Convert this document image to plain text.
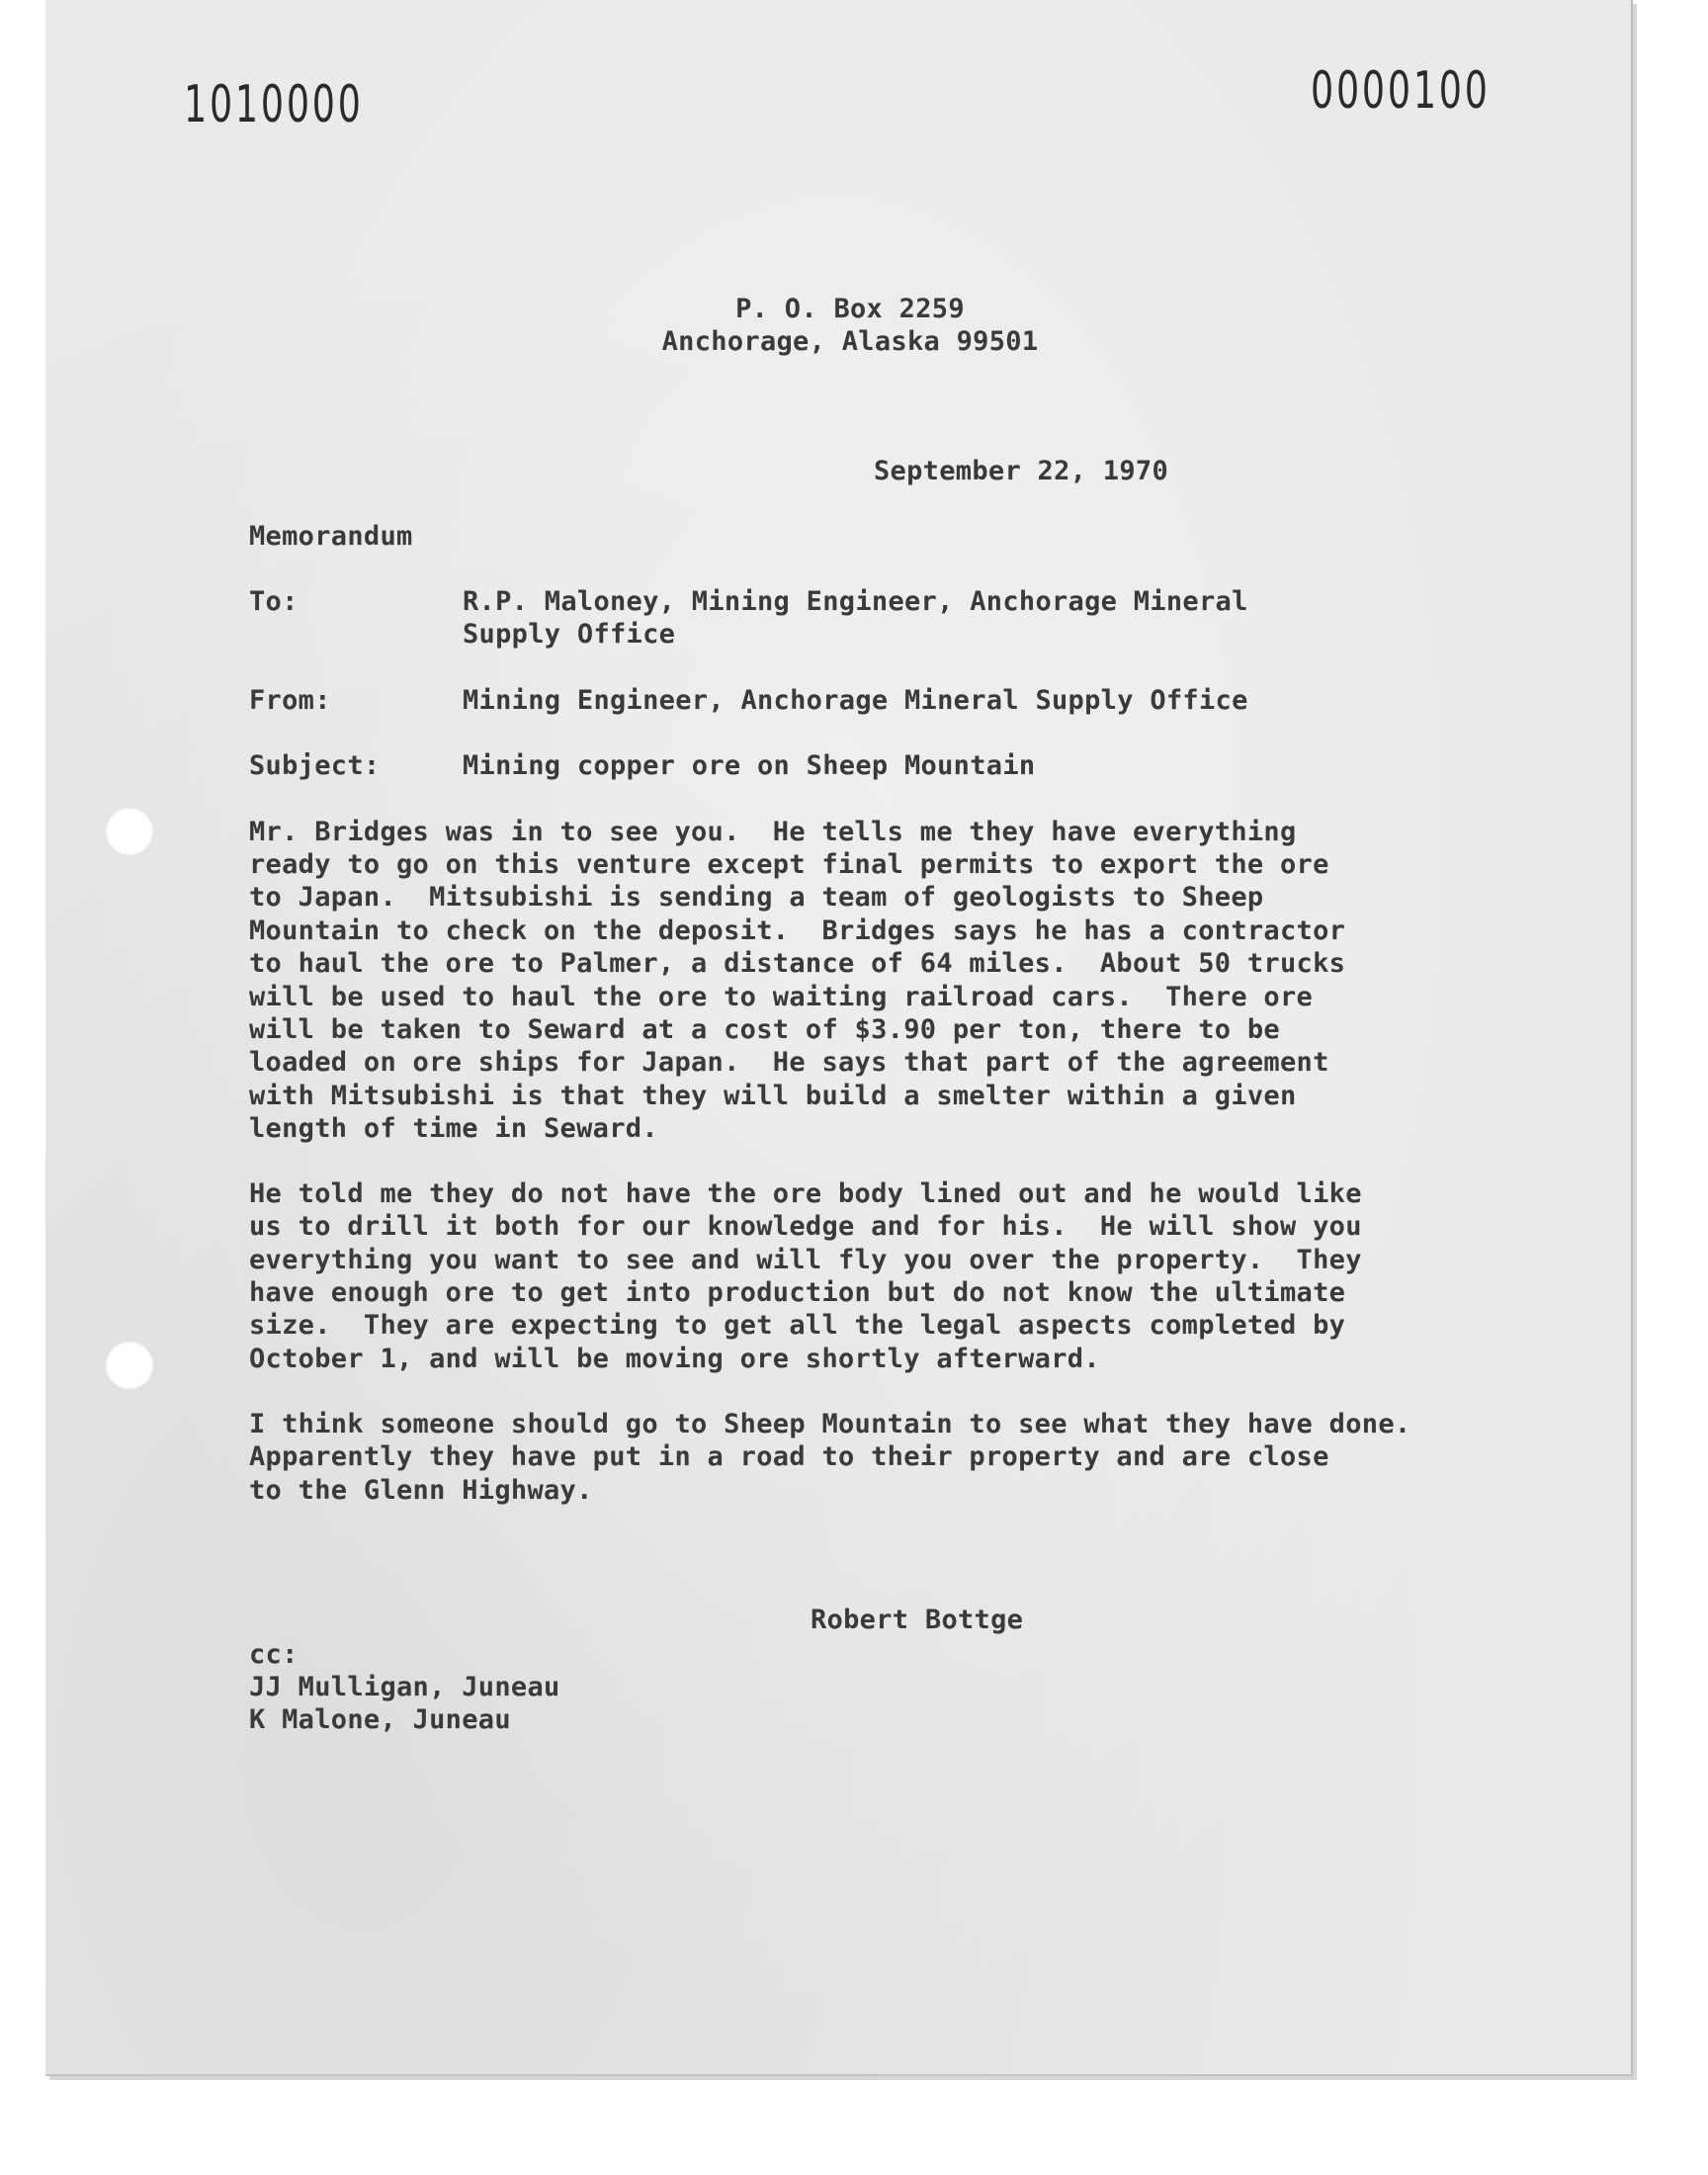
1010000	0000100
P. O. Box 2259
Anchorage, Alaska 99501
September 22, 1970
Memorandum
To:	R.P. Maloney, Mining Engineer, Anchorage Mineral
Supply Office
From:	Mining Engineer, Anchorage Mineral Supply Office
Subject:	Mining copper ore on Sheep Mountain
Mr. Bridges was in to see you.  He tells me they have everything
ready to go on this venture except final permits to export the ore
to Japan.  Mitsubishi is sending a team of geologists to Sheep
Mountain to check on the deposit.  Bridges says he has a contractor
to haul the ore to Palmer, a distance of 64 miles.  About 50 trucks
will be used to haul the ore to waiting railroad cars.  There ore
will be taken to Seward at a cost of $3.90 per ton, there to be
loaded on ore ships for Japan.  He says that part of the agreement
with Mitsubishi is that they will build a smelter within a given
length of time in Seward.
He told me they do not have the ore body lined out and he would like
us to drill it both for our knowledge and for his.  He will show you
everything you want to see and will fly you over the property.  They
have enough ore to get into production but do not know the ultimate
size.  They are expecting to get all the legal aspects completed by
October 1, and will be moving ore shortly afterward.
I think someone should go to Sheep Mountain to see what they have done.
Apparently they have put in a road to their property and are close
to the Glenn Highway.
Robert Bottge
cc:
JJ Mulligan, Juneau
K Malone, Juneau
